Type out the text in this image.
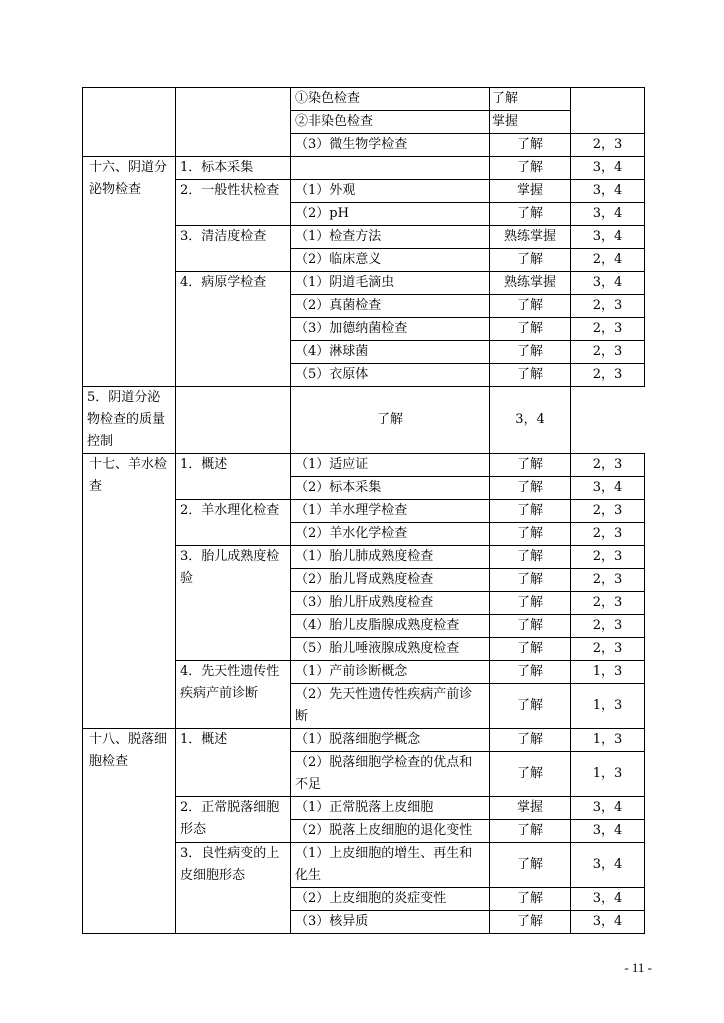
		①染色检查	了解	
		②非染色检查	掌握	
		（3）微生物学检查	了解	2，3
十六、阴道分泌物检查	1．标本采集		了解	3，4
	2．一般性状检查	（1）外观	掌握	3，4
		（2）pH	了解	3，4
	3．清洁度检查	（1）检查方法	熟练掌握	3，4
		（2）临床意义	了解	2，4
	4．病原学检查	（1）阴道毛滴虫	熟练掌握	3，4
		（2）真菌检查	了解	2，3
		（3）加德纳菌检查	了解	2，3
		（4）淋球菌	了解	2，3
		（5）衣原体	了解	2，3
5．阴道分泌物检查的质量控制		了解	3，4	
十七、羊水检查	1．概述	（1）适应证	了解	2，3
		（2）标本采集	了解	3，4
	2．羊水理化检查	（1）羊水理学检查	了解	2，3
		（2）羊水化学检查	了解	2，3
	3．胎儿成熟度检验	（1）胎儿肺成熟度检查	了解	2，3
		（2）胎儿肾成熟度检查	了解	2，3
		（3）胎儿肝成熟度检查	了解	2，3
		（4）胎儿皮脂腺成熟度检查	了解	2，3
		（5）胎儿唾液腺成熟度检查	了解	2，3
	4．先天性遗传性疾病产前诊断	（1）产前诊断概念	了解	1，3
		（2）先天性遗传性疾病产前诊断	了解	1，3
十八、脱落细胞检查	1．概述	（1）脱落细胞学概念	了解	1，3
		（2）脱落细胞学检查的优点和不足	了解	1，3
	2．正常脱落细胞形态	（1）正常脱落上皮细胞	掌握	3，4
		（2）脱落上皮细胞的退化变性	了解	3，4
	3．良性病变的上皮细胞形态	（1）上皮细胞的增生、再生和化生	了解	3，4
		（2）上皮细胞的炎症变性	了解	3，4
		（3）核异质	了解	3，4
- 11 -
